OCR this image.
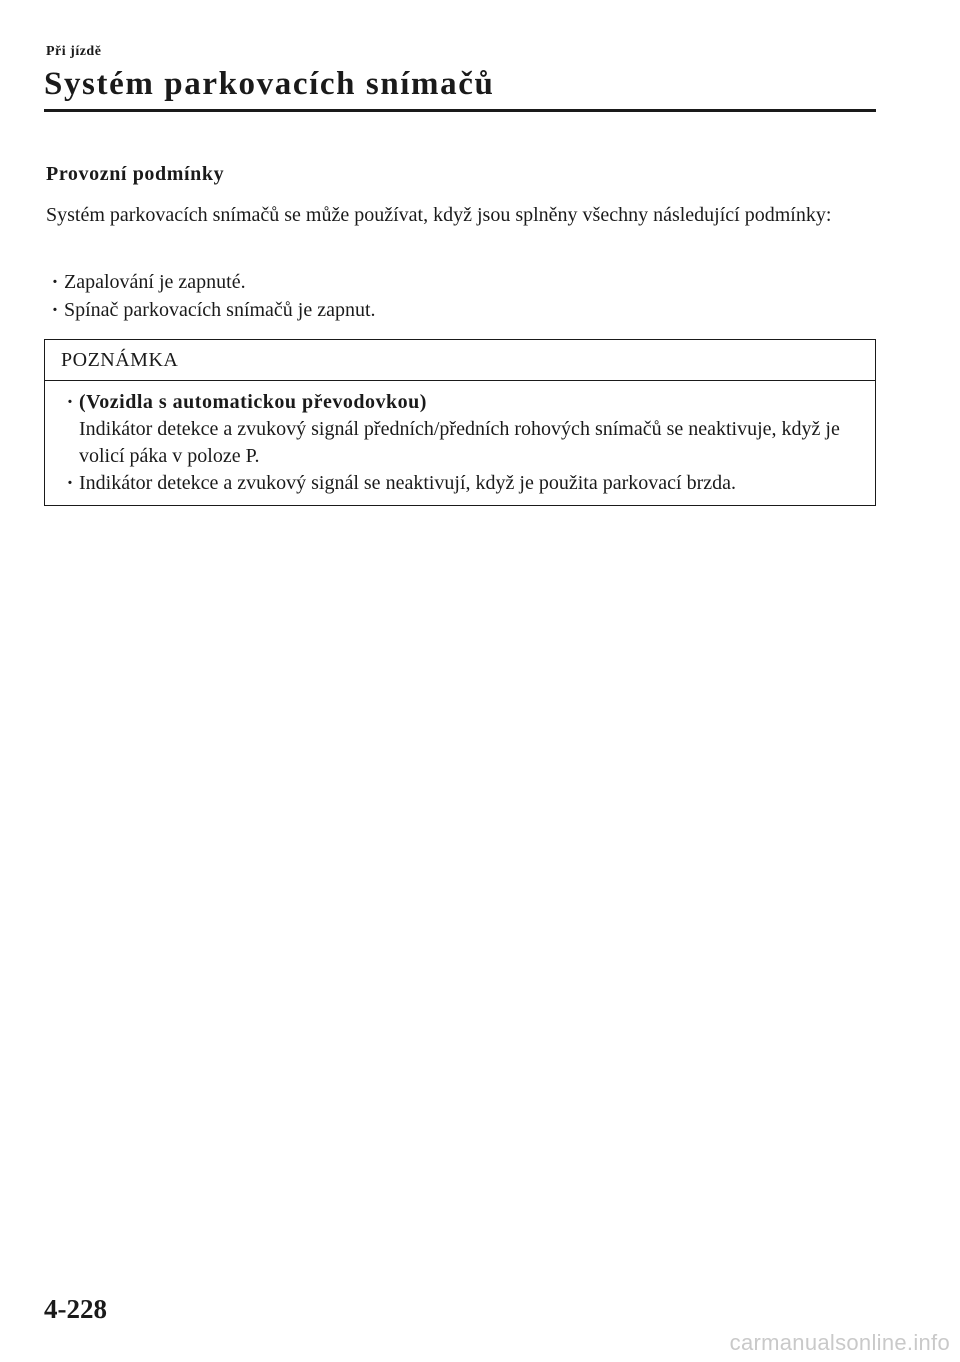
Při jízdě
Systém parkovacích snímačů
Provozní podmínky

Systém parkovacích snímačů se může používat, když jsou splněny všechny následující podmínky:

· Zapalování je zapnuté.
· Spínač parkovacích snímačů je zapnut.
POZNÁMKA
· (Vozidla s automatickou převodovkou)
Indikátor detekce a zvukový signál předních/předních rohových snímačů se neaktivuje, když je volicí páka v poloze P.
· Indikátor detekce a zvukový signál se neaktivují, když je použita parkovací brzda.
4-228
carmanualsonline.info
